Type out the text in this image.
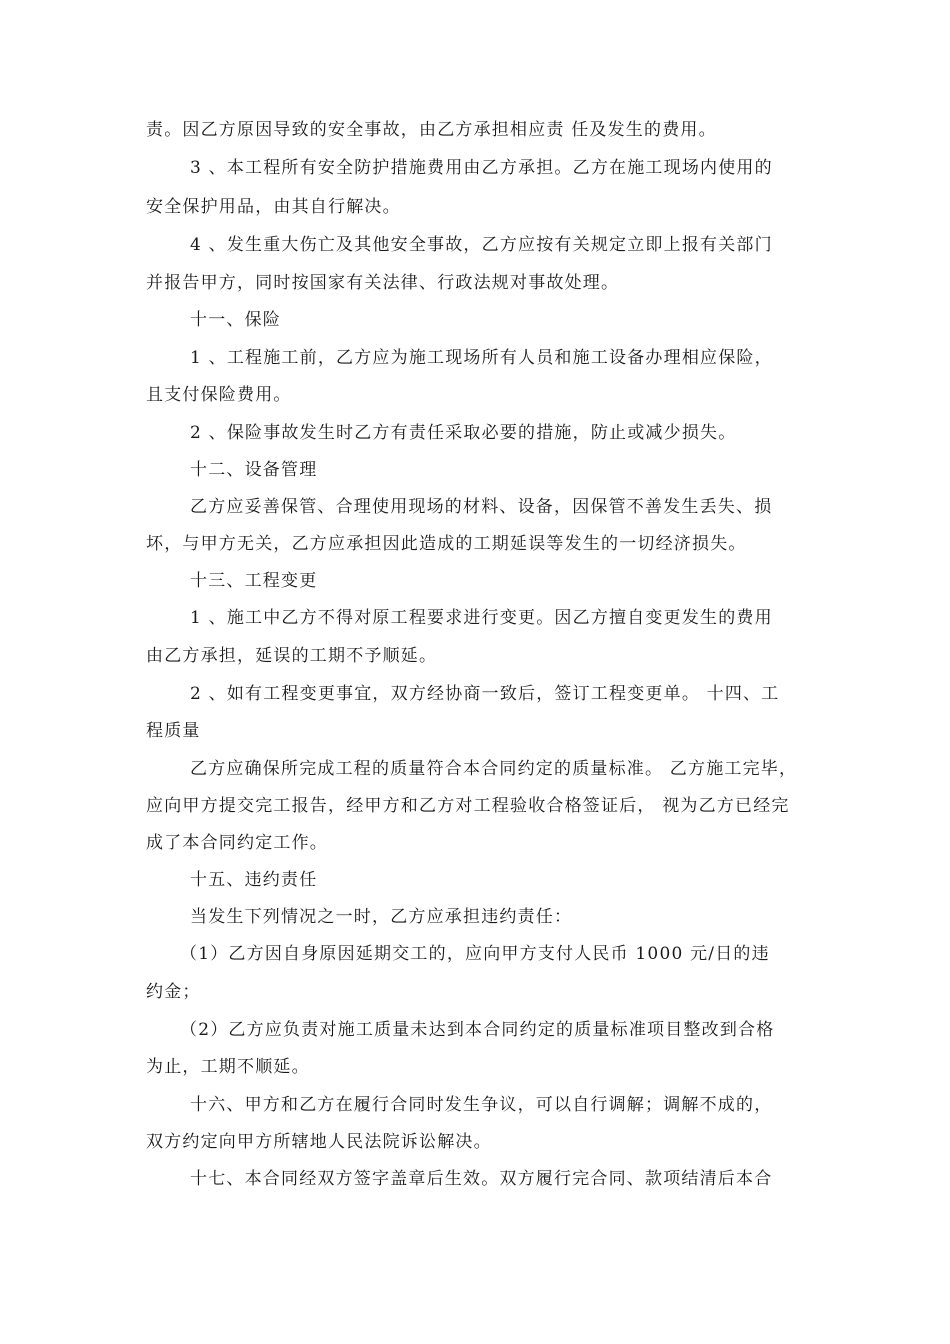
责。因乙方原因导致的安全事故，由乙方承担相应责 任及发生的费用。
3 、本工程所有安全防护措施费用由乙方承担。乙方在施工现场内使用的
安全保护用品，由其自行解决。
4 、发生重大伤亡及其他安全事故，乙方应按有关规定立即上报有关部门
并报告甲方，同时按国家有关法律、行政法规对事故处理。
十一、保险
1 、工程施工前，乙方应为施工现场所有人员和施工设备办理相应保险，
且支付保险费用。
2 、保险事故发生时乙方有责任采取必要的措施，防止或减少损失。
十二、设备管理
乙方应妥善保管、合理使用现场的材料、设备，因保管不善发生丢失、损
坏，与甲方无关，乙方应承担因此造成的工期延误等发生的一切经济损失。
十三、工程变更
1 、施工中乙方不得对原工程要求进行变更。因乙方擅自变更发生的费用
由乙方承担，延误的工期不予顺延。
2 、如有工程变更事宜，双方经协商一致后，签订工程变更单。 十四、工
程质量
乙方应确保所完成工程的质量符合本合同约定的质量标准。 乙方施工完毕，
应向甲方提交完工报告，经甲方和乙方对工程验收合格签证后， 视为乙方已经完
成了本合同约定工作。
十五、违约责任
当发生下列情况之一时，乙方应承担违约责任：
（1）乙方因自身原因延期交工的，应向甲方支付人民币 1000 元/日的违
约金；
（2）乙方应负责对施工质量未达到本合同约定的质量标准项目整改到合格
为止，工期不顺延。
十六、甲方和乙方在履行合同时发生争议，可以自行调解；调解不成的，
双方约定向甲方所辖地人民法院诉讼解决。
十七、本合同经双方签字盖章后生效。双方履行完合同、款项结清后本合
